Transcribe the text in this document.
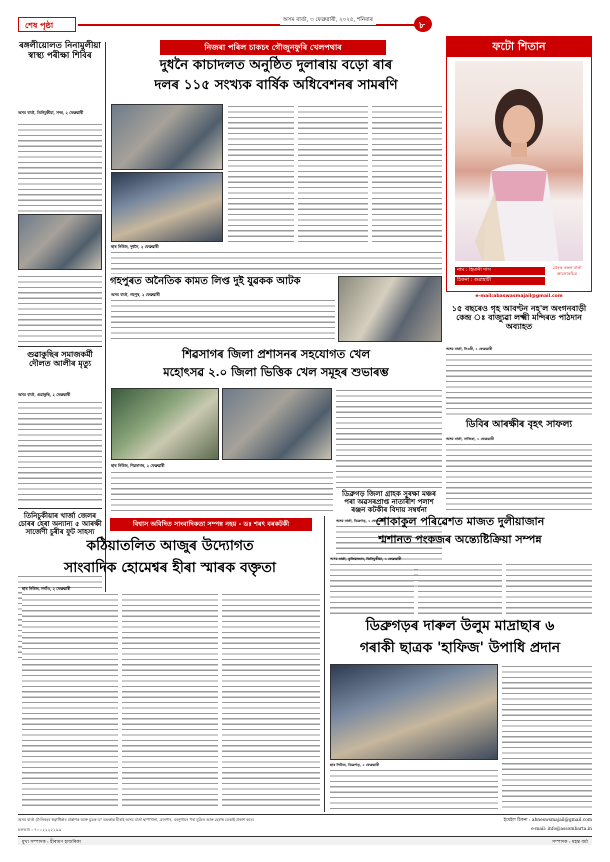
শেষ পৃষ্ঠা
অসম বাৰ্তা, ৩ ফেব্ৰুৱাৰী, ২০২৫, শনিবাৰ
৮
ৰঙ্গলীয়োলত নিনামুলীয়া স্বাস্থ্য পৰীক্ষা শিবিৰ
অসম বাৰ্তা, তিনিচুকীয়া, সদৰ, ২ ফেব্ৰুৱাৰী
গুৱাকুছিৰ সমাজকৰ্মী দৌলত আলীৰ মৃত্যু
অসম বাৰ্তা, গুৱাকুছি, ২ ফেব্ৰুৱাৰী
তিনিচুকীয়াৰ খাৰ্জা জেলৰ চোৰৰ হেৰা অন্যান্য ৫ আৰক্ষী সাৰ্জেণী চুৰীৰ ফুট সাহস্য
নিজৰা পৰিল চাকচং গৌজুনফুৰি খেলপথাৰ
দুধনৈ কাচাদলত অনুষ্ঠিত দুলাৰায় বড়ো ৰাৰ
দলৰ ১১৫ সংখ্যক বাৰ্ষিক অধিবেশনৰ সামৰণি
ছাৰ নিউজ, দুধনৈ, ২ ফেব্ৰুৱাৰী
গহপুৰত অনৈতিক কামত লিপ্ত দুই যুৱকক আটক
অসম বাৰ্তা, গহপুৰ, ২ ফেব্ৰুৱাৰী
শিৱসাগৰ জিলা প্ৰশাসনৰ সহযোগত খেল
মহোৎসৱ ২.০ জিলা ভিত্তিক খেল সমূহৰ শুভাৰম্ভ
ছাৰ নিউজ, শিৱসাগৰ, ২ ফেব্ৰুৱাৰী
বিশ্বাস অবিদিত সাংবাদিকতা সম্পন্ন নহয় - ডঃ শৰৎ বৰকটকী
কঠিয়াতলিত আজুৰ উদ্যোগত
সাংবাদিক হোমেশ্বৰ হীৰা স্মাৰক বক্তৃতা
ছাৰ নিউজ, নগাঁও, ২ ফেব্ৰুৱাৰী
ডিব্ৰুগড় জিলা গ্ৰাহক সুৰক্ষা মঞ্চৰ পৰা অৱসৰপ্ৰাপ্ত নাতাৰীশ পলাশ ৰঞ্জন কটকীৰ বিদায় সম্বৰ্ধনা
অসম বাৰ্তা, ডিব্ৰুগড়, ২ ফেব্ৰুৱাৰী
ফটো শিতান
নাম : হিমানী দাস
ঠিকনা : গুৱাহাটী
প্ৰেৰক ৰঞ্জন বাৰ্তা আলোকচিত্ৰ
e-mail:abaswasmajail@gmail.com
১৫ বছৰেও গৃহ আবণ্টন নহ'ল অংগনবাড়ী কেন্দ্ৰ ঃ বাজ্যুৱা লক্ষ্মী মন্দিৰত পাঠদান অব্যাহত
অসম বাৰ্তা, নিওৰী, ২ ফেব্ৰুৱাৰী
ডিবিৰ আৰক্ষীৰ বৃহৎ সাফল্য
অসম বাৰ্তা, নাজিৰা, ২ ফেব্ৰুৱাৰী
শোকাকুল পৰিৱেশত মাজত দুলীয়াজান
শ্মশানত পংকজৰ অন্ত্যেষ্টিক্ৰিয়া সম্পন্ন
অসম বাৰ্তা, ডুলিয়াজান, তিনিচুকীয়া, ২ ফেব্ৰুৱাৰী
ডিব্ৰুগড়ৰ দাৰুল উলুম মাদ্ৰাছাৰ ৬
গৰাকী ছাত্ৰক 'হাফিজ' উপাধি প্ৰদান
ছাৰ নিউজ, ডিব্ৰুগড়, ২ ফেব্ৰুৱাৰী
অসম বাৰ্তা (দৈনিক)ৰ স্বত্বাধিকাৰ প্ৰকাশক আৰু মুদ্ৰক ড° চন্দ্ৰকান্ত হীৰাই অসম বাৰ্তা ছাপাখানা, ব্ৰজপাৰ, বৰনুগামৰ পৰা মুদ্ৰিত আৰু হেৰাম্ব ডেকাই প্ৰকাশ কৰে।	ইমেইল ঠিকনা : abneswsmajail@gmail.com
চলভাষ : ৭০০২২২২২৯৯	e-mail: info@assombarta.in
মুখ্য সম্পাদক : হীৰামণ হাজৰিকা	সম্পাদক : মহন্ত বৰ্মা
